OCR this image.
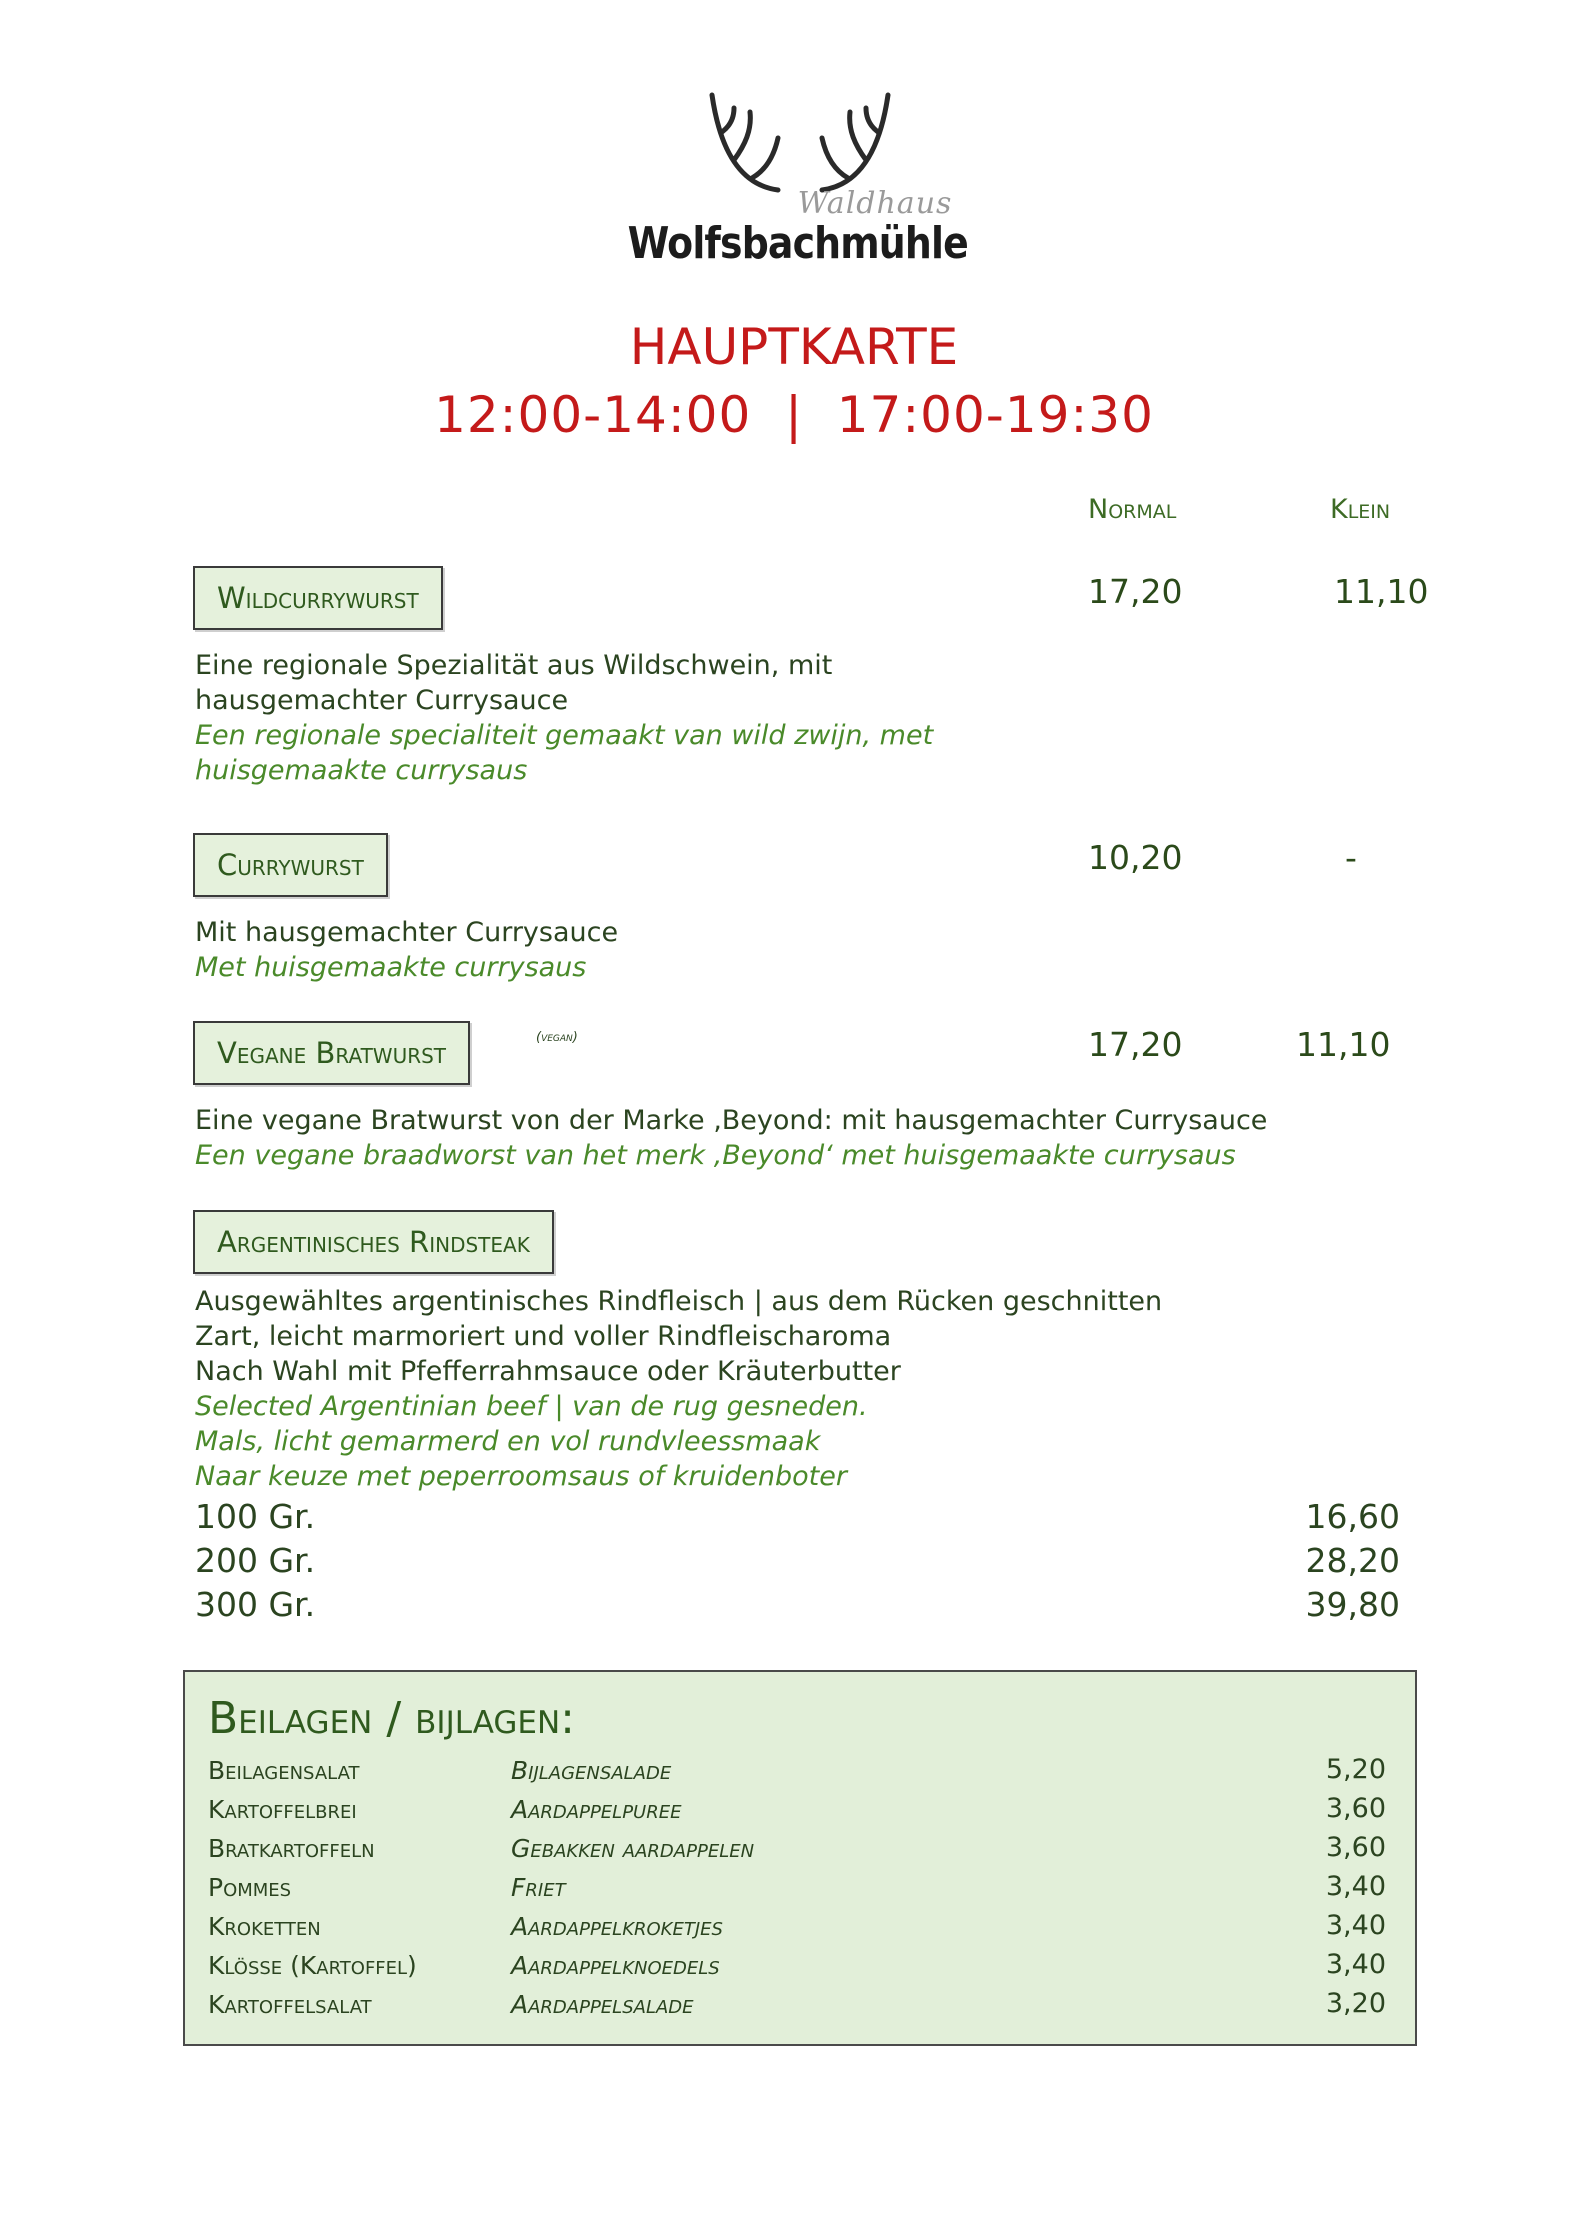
Waldhaus
Wolfsbachmühle
HAUPTKARTE
12:00-14:00  |  17:00-19:30
Normal	Klein
Wildcurrywurst	17,20	11,10
Eine regionale Spezialität aus Wildschwein, mit
hausgemachter Currysauce
Een regionale specialiteit gemaakt van wild zwijn, met
huisgemaakte currysaus
Currywurst	10,20	-
Mit hausgemachter Currysauce
Met huisgemaakte currysaus
Vegane Bratwurst	(vegan)	17,20	11,10
Eine vegane Bratwurst von der Marke ‚Beyond: mit hausgemachter Currysauce
Een vegane braadworst van het merk ‚Beyond‘ met huisgemaakte currysaus
Argentinisches Rindsteak
Ausgewähltes argentinisches Rindfleisch | aus dem Rücken geschnitten
Zart, leicht marmoriert und voller Rindfleischaroma
Nach Wahl mit Pfefferrahmsauce oder Kräuterbutter
Selected Argentinian beef | van de rug gesneden.
Mals, licht gemarmerd en vol rundvleessmaak
Naar keuze met peperroomsaus of kruidenboter
100 Gr.	16,60
200 Gr.	28,20
300 Gr.	39,80
Beilagen / bijlagen:
Beilagensalat	Bijlagensalade	5,20
Kartoffelbrei	Aardappelpuree	3,60
Bratkartoffeln	Gebakken aardappelen	3,60
Pommes	Friet	3,40
Kroketten	Aardappelkroketjes	3,40
Klöße (Kartoffel)	Aardappelknoedels	3,40
Kartoffelsalat	Aardappelsalade	3,20
